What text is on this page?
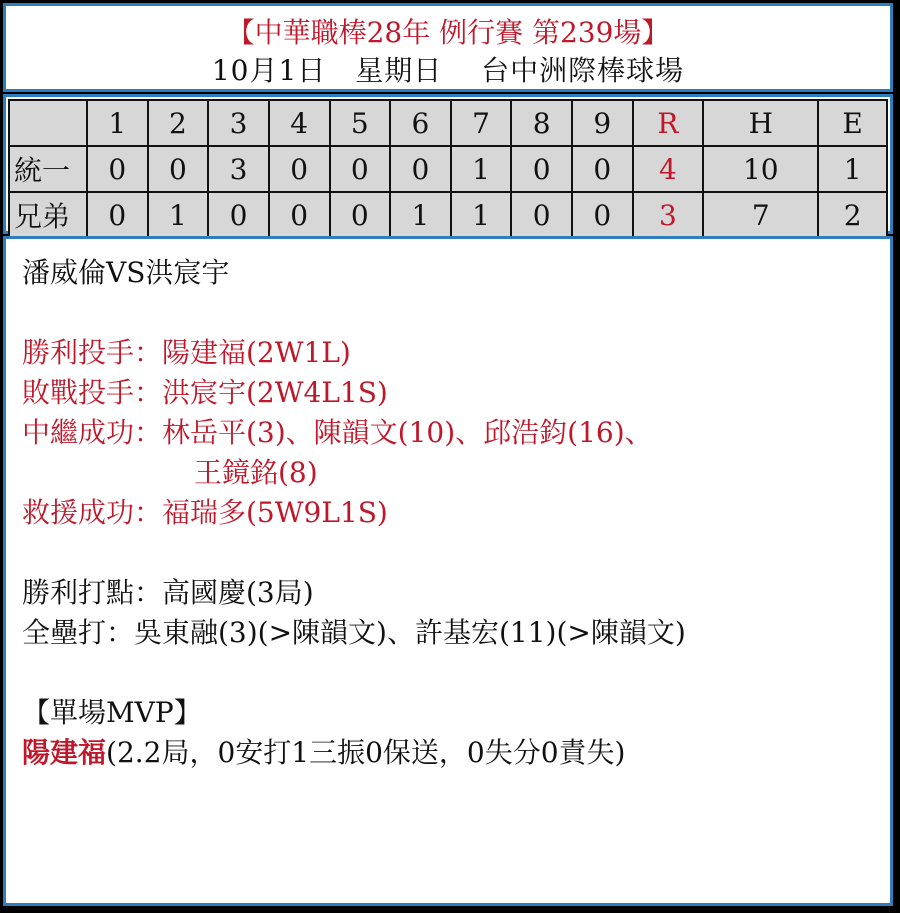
【中華職棒28年 例行賽 第239場】
10月1日　星期日　 台中洲際棒球場
	1	2	3	4	5	6	7	8	9	R	H	E
統一	0	0	3	0	0	0	1	0	0	4	10	1
兄弟	0	1	0	0	0	1	1	0	0	3	7	2
潘威倫VS洪宸宇
勝利投手：陽建福(2W1L)
敗戰投手：洪宸宇(2W4L1S)
中繼成功：林岳平(3)、陳韻文(10)、邱浩鈞(16)、
王鏡銘(8)
救援成功：福瑞多(5W9L1S)
勝利打點：高國慶(3局)
全壘打：吳東融(3)(>陳韻文)、許基宏(11)(>陳韻文)
【單場MVP】
陽建福(2.2局，0安打1三振0保送，0失分0責失)
